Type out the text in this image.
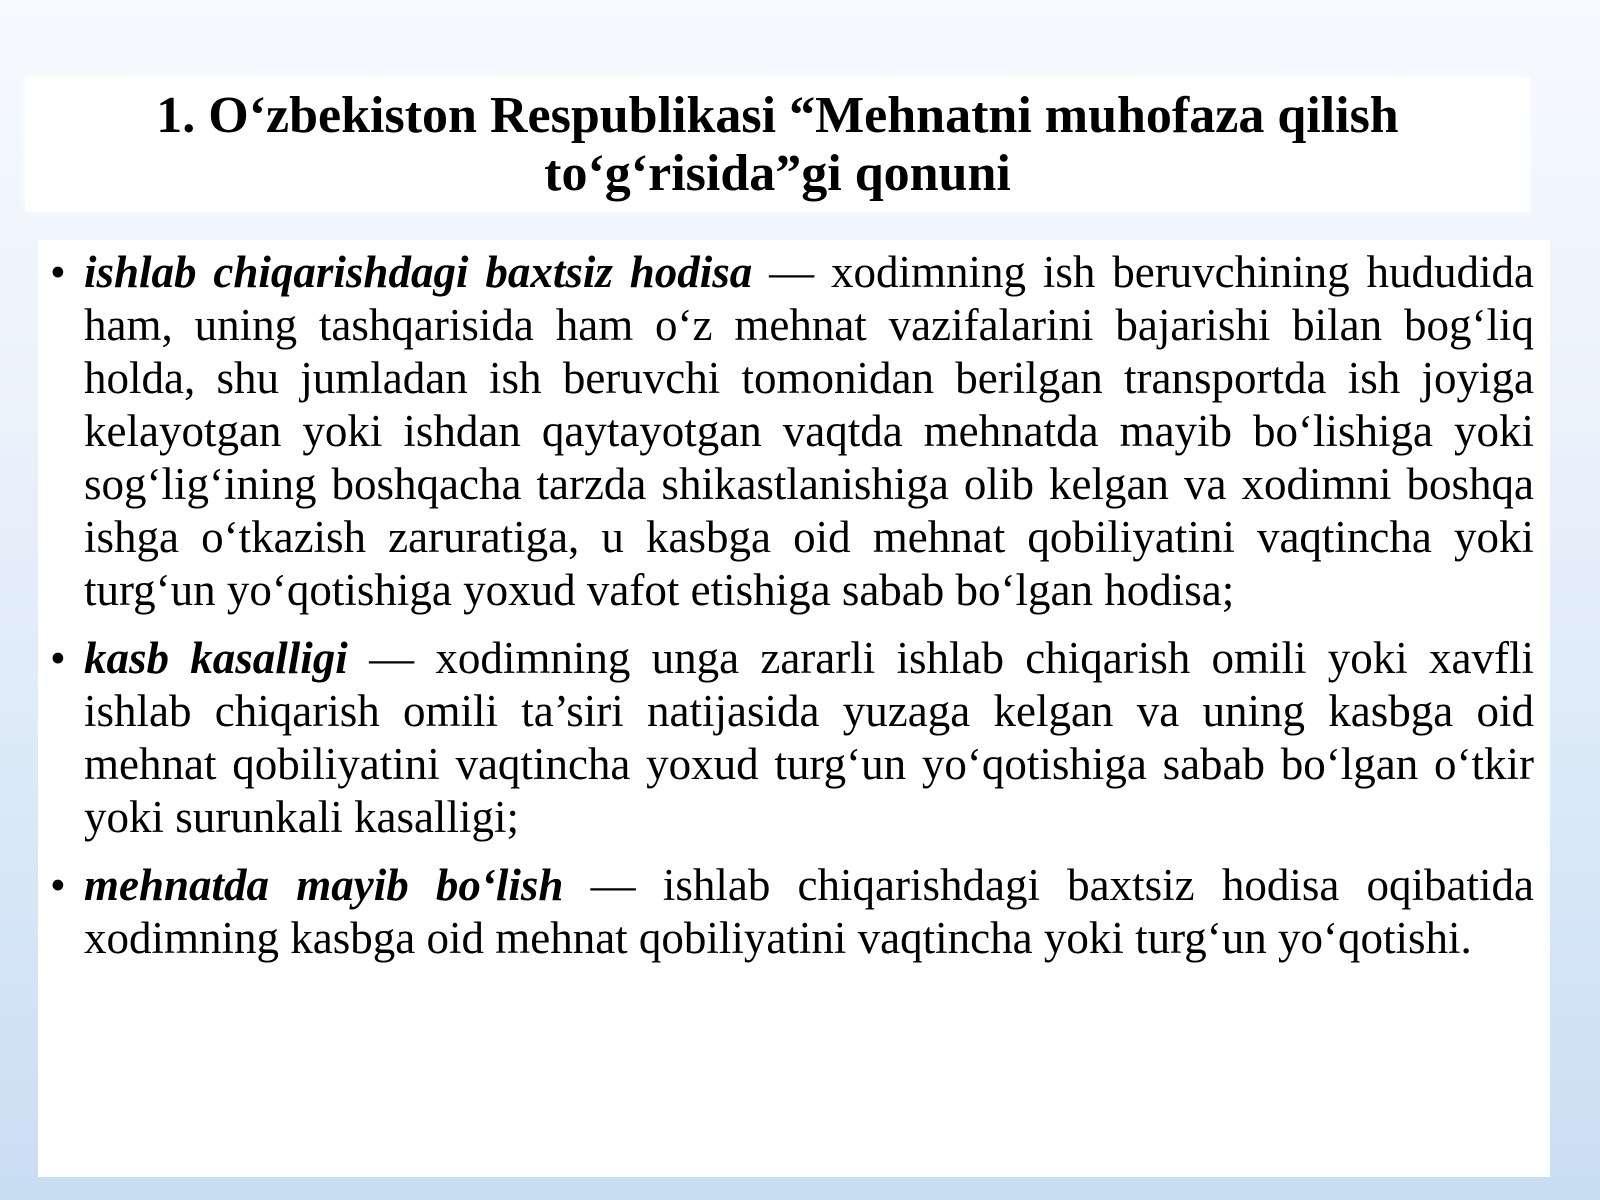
1. O‘zbekiston Respublikasi “Mehnatni muhofaza qilish
to‘g‘risida”gi qonuni
• ishlab chiqarishdagi baxtsiz hodisa — xodimning ish beruvchining hududida ham, uning tashqarisida ham o‘z mehnat vazifalarini bajarishi bilan bog‘liq holda, shu jumladan ish beruvchi tomonidan berilgan transportda ish joyiga kelayotgan yoki ishdan qaytayotgan vaqtda mehnatda mayib bo‘lishiga yoki sog‘lig‘ining boshqacha tarzda shikastlanishiga olib kelgan va xodimni boshqa ishga o‘tkazish zaruratiga, u kasbga oid mehnat qobiliyatini vaqtincha yoki turg‘un yo‘qotishiga yoxud vafot etishiga sabab bo‘lgan hodisa;
• kasb kasalligi — xodimning unga zararli ishlab chiqarish omili yoki xavfli ishlab chiqarish omili ta’siri natijasida yuzaga kelgan va uning kasbga oid mehnat qobiliyatini vaqtincha yoxud turg‘un yo‘qotishiga sabab bo‘lgan o‘tkir yoki surunkali kasalligi;
• mehnatda mayib bo‘lish — ishlab chiqarishdagi baxtsiz hodisa oqibatida xodimning kasbga oid mehnat qobiliyatini vaqtincha yoki turg‘un yo‘qotishi.
